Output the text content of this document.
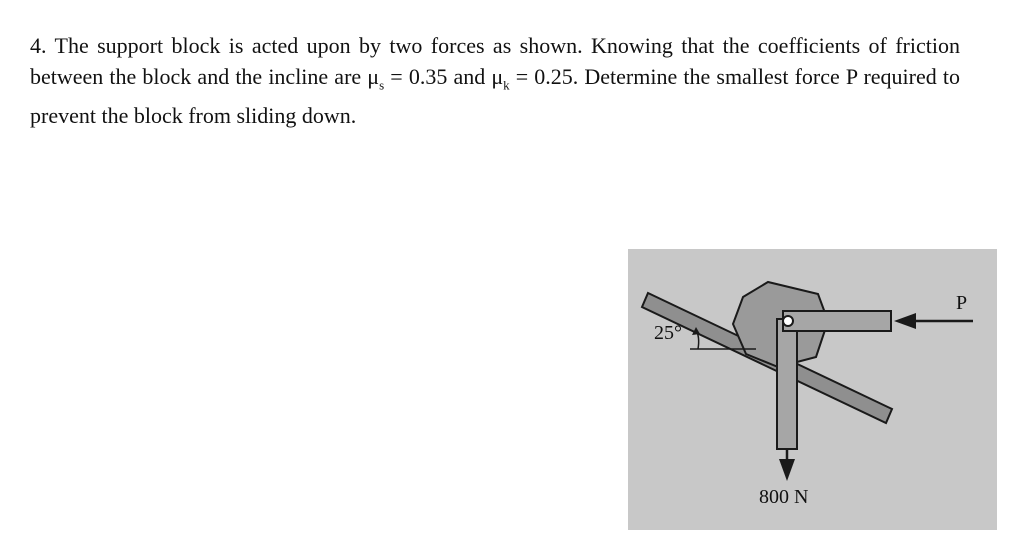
4. The support block is acted upon by two forces as shown. Knowing that the coefficients of friction between the block and the incline are $\mu_s = 0.35$ and $\mu_k = 0.25$. Determine the smallest force P required to prevent the block from sliding down.

25°
P
800 N
